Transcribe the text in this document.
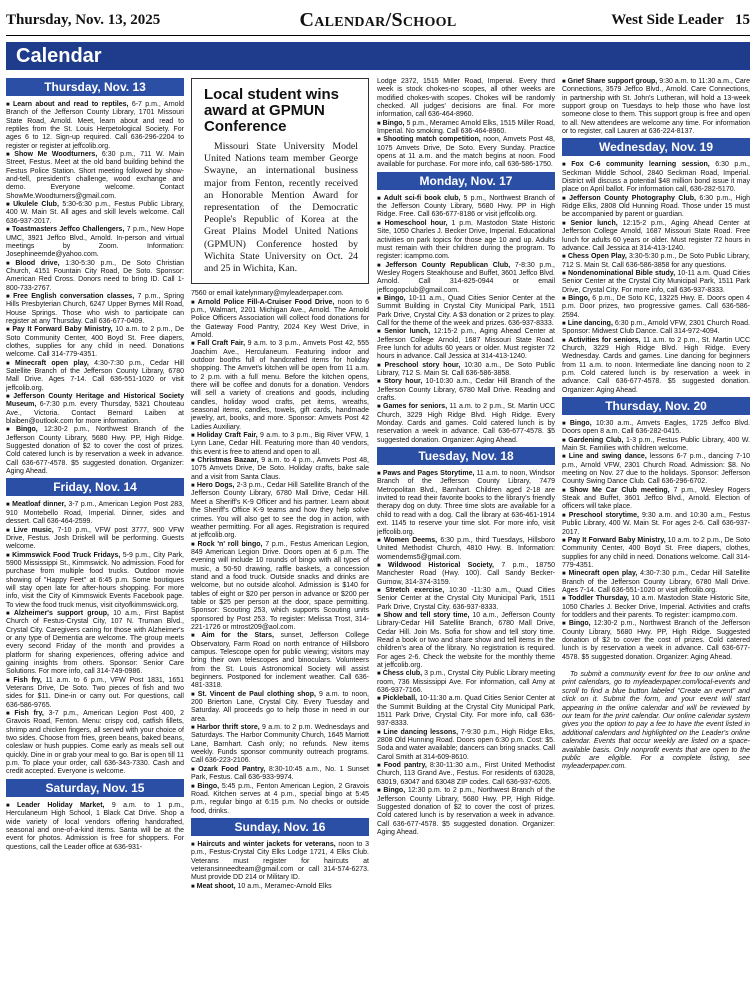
Thursday, Nov. 13, 2025	Calendar/School	West Side Leader 15
Calendar
Thursday, Nov. 13
■ Learn about and read to reptiles, 6-7 p.m., Arnold Branch of the Jefferson County Library, 1701 Missouri State Road, Arnold. Meet, learn about and read to reptiles from the St. Louis Herpetological Society. For ages 6 to 12. Sign-up required. Call 636-296-2204 to register or register at jeffcolib.org.
■ Show Me Woodturners, 6:30 p.m., 711 W. Main Street, Festus. Meet at the old band building behind the Festus Police Station. Short meeting followed by show-and-tell, president's challenge, wood exchange and demo. Everyone welcome. Contact ShowMe.Woodturners@gmail.com.
■ Ukulele Club, 5:30-6:30 p.m., Festus Public Library, 400 W. Main St. All ages and skill levels welcome. Call 636-937-2017.
■ Toastmasters Jeffco Challengers, 7 p.m., New Hope UMC, 3921 Jeffco Blvd., Arnold. In-person and virtual meetings by Zoom. Information: Josephineemde@yahoo.com.
■ Blood drive, 1:30-5:30 p.m., De Soto Christian Church, 4151 Fountain City Road, De Soto. Sponsor: American Red Cross. Donors need to bring ID. Call 1-800-733-2767.
■ Free English conversation classes, 7 p.m., Spring Hills Presbyterian Church, 6247 Upper Byrnes Mill Road, House Springs. Those who wish to participate can register at any Thursday. Call 636-677-0409.
■ Pay It Forward Baby Ministry, 10 a.m. to 2 p.m., De Soto Community Center, 400 Boyd St. Free diapers, clothes, supplies for any child in need. Donations welcome. Call 314-779-4351.
■ Minecraft open play, 4:30-7:30 p.m., Cedar Hill Satellite Branch of the Jefferson County Library, 6780 Mall Drive. Ages 7-14. Call 636-551-1020 or visit jeffcolib.org.
■ Jefferson County Heritage and Historical Society Museum, 6-7:30 p.m. every Thursday, 5321 Chouteau Ave., Victoria. Contact Bernard Laiben at blaiben@outlook.com for more information.
■ Bingo, 12:30-2 p.m., Northwest Branch of the Jefferson County Library, 5680 Hwy. PP, High Ridge. Suggested donation of $2 to cover the cost of prizes. Cold catered lunch is by reservation a week in advance. Call 636-677-4578. $5 suggested donation. Organizer: Aging Ahead.
Friday, Nov. 14
■ Meatloaf dinner, 3-7 p.m., American Legion Post 283, 910 Montebello Road, Imperial. Dinner, sides and dessert. Call 636-464-2599.
■ Live music, 7-10 p.m., VFW post 3777, 900 VFW Drive, Festus. Josh Driskell will be performing. Guests welcome.
■ Kimmswick Food Truck Fridays, 5-9 p.m., City Park, 5900 Mississippi St., Kimmswick. No admission. Food for purchase from multiple food trucks. Outdoor movie showing of "Happy Feet" at 6:45 p.m. Some boutiques will stay open late for after-hours shopping. For more info, visit the City of Kimmswick Events Facebook page. To view the food truck menus, visit cityofkimmswick.org.
■ Alzheimer's support group, 10 a.m., First Baptist Church of Festus-Crystal City, 107 N. Truman Blvd., Crystal City. Caregivers caring for those with Alzheimer's or any type of Dementia are welcome. The group meets every second Friday of the month and provides a platform for sharing experiences, offering advice and gaining insights from others. Sponsor: Senior Care Solutions. For more info, call 314-749-0986.
■ Fish fry, 11 a.m. to 6 p.m., VFW Post 1831, 1651 Veterans Drive, De Soto. Two pieces of fish and two sides for $11. Dine-in or carry out. For questions, call 636-586-9765.
■ Fish fry, 3-7 p.m., American Legion Post 400, 2 Gravois Road, Fenton. Menu: crispy cod, catfish fillets, shrimp and chicken fingers, all served with your choice of two sides. Choose from fries, green beans, baked beans, coleslaw or hush puppies. Come early as meals sell out quickly. Dine in or grab your meal to go. Bar is open till 11 p.m. To place your order, call 636-343-7330. Cash and credit accepted. Everyone is welcome.
Saturday, Nov. 15
■ Leader Holiday Market, 9 a.m. to 1 p.m., Herculaneum High School, 1 Black Cat Drive. Shop a wide variety of local vendors offering handcrafted, seasonal and one-of-a-kind items. Santa will be at the event for photos. Admission is free for shoppers. For questions, call the Leader office at 636-931-
Local student wins award at GPMUN Conference
Missouri State University Model United Nations team member George Swayne, an international business major from Fenton, recently received an Honorable Mention Award for representation of the Democratic People's Republic of Korea at the Great Plains Model United Nations (GPMUN) Conference hosted by Wichita State University on Oct. 24 and 25 in Wichita, Kan.
7560 or email katelynmary@myleaderpaper.com.
■ Arnold Police Fill-A-Cruiser Food Drive, noon to 6 p.m., Walmart, 2201 Michigan Ave., Arnold. The Arnold Police Officers Association will collect food donations for the Gateway Food Pantry, 2024 Key West Drive, in Arnold.
■ Fall Craft Fair, 9 a.m. to 3 p.m., Amvets Post 42, 555 Joachim Ave., Herculaneum. Featuring indoor and outdoor booths full of handcrafted items for holiday shopping. The Amvet's kitchen will be open from 11 a.m. to 2 p.m. with a full menu. Before the kitchen opens, there will be coffee and donuts for a donation. Vendors will sell a variety of creations and goods, including candles, holiday wood crafts, pet items, wreaths, seasonal items, candles, towels, gift cards, handmade jewelry, art, books, and more. Sponsor: Amvets Post 42 Ladies Auxiliary.
■ Holiday Craft Fair, 9 a.m. to 3 p.m., Big River VFW, 1 Lynn Lane, Cedar Hill. Featuring more than 40 vendors, this event is free to attend and open to all.
■ Christmas Bazaar, 9 a.m. to 4 p.m., Amvets Post 48, 1075 Amvets Drive, De Soto. Holiday crafts, bake sale and a visit from Santa Claus.
■ Hero Dogs, 2-3 p.m., Cedar Hill Satellite Branch of the Jefferson County Library, 6780 Mall Drive, Cedar Hill. Meet a Sheriff's K-9 Officer and his partner. Learn about the Sheriff's Office K-9 teams and how they help solve crimes. You will also get to see the dog in action, with weather permitting. For all ages. Registration is required at jeffcolib.org.
■ Rock 'n' roll bingo, 7 p.m., Festus American Legion, 849 American Legion Drive. Doors open at 6 p.m. The evening will include 10 rounds of bingo with all types of music, a 50-50 drawing, raffle baskets, a concession stand and a food truck. Outside snacks and drinks are welcome, but no outside alcohol. Admission is $140 for tables of eight or $20 per person in advance or $200 per table or $25 per person at the door, space permitting. Sponsor: Scouting 253, which supports Scouting units sponsored by Post 253. To register: Melissa Trost, 314-221-1726 or mtrost209@aol.com.
■ Aim for the Stars, sunset, Jefferson College Observatory, Farm Road on north entrance of Hillsboro campus. Telescope open for public viewing; visitors may bring their own telescopes and binoculars. Volunteers from the St. Louis Astronomical Society will assist beginners. Postponed for inclement weather. Call 636-481-3318.
■ St. Vincent de Paul clothing shop, 9 a.m. to noon, 200 Brierton Lane, Crystal City. Every Tuesday and Saturday. All proceeds go to help those in need in our area.
■ Harbor thrift store, 9 a.m. to 2 p.m. Wednesdays and Saturdays. The Harbor Community Church, 1645 Marriott Lane, Barnhart. Cash only; no refunds. New items weekly. Funds sponsor community outreach programs. Call 636-223-2106.
■ Ozark Food Pantry, 8:30-10:45 a.m., No. 1 Sunset Park, Festus. Call 636-933-9974.
■ Bingo, 5:45 p.m., Fenton American Legion, 2 Gravois Road. Kitchen serves at 4 p.m., special bingo at 5:45 p.m., regular bingo at 6:15 p.m. No checks or outside food, drinks.
Sunday, Nov. 16
■ Haircuts and winter jackets for veterans, noon to 3 p.m., Festus-Crystal City Elks Lodge 1721, 4 Elks Club. Veterans must register for haircuts at veteransinneedteam@gmail.com or call 314-574-6273. Must provide DD 214 or Military ID.
■ Meat shoot, 10 a.m., Meramec-Arnold Elks
Lodge 2372, 1515 Miller Road, Imperial. Every third week is stock chokes-no scopes, all other weeks are modified chokes-with scopes. Chokes will be randomly checked. All judges' decisions are final. For more information, call 636-464-8960.
■ Bingo, 5 p.m., Meramec Arnold Elks, 1515 Miller Road, Imperial. No smoking. Call 636-464-8960.
■ Shooting match competition, noon, Amvets Post 48, 1075 Amvets Drive, De Soto. Every Sunday. Practice opens at 11 a.m. and the match begins at noon. Food available for purchase. For more info, call 636-586-1750.
Monday, Nov. 17
■ Adult sci-fi book club, 5 p.m., Northwest Branch of the Jefferson County Library, 5680 Hwy. PP in High Ridge. Free. Call 636-677-8186 or visit jeffcolib.org.
■ Homeschool hour, 1 p.m. Mastodon State Historic Site, 1050 Charles J. Becker Drive, Imperial. Educational activities on park topics for those age 10 and up. Adults must remain with their children during the program. To register: icampmo.com.
■ Jefferson County Republican Club, 7-8:30 p.m., Wesley Rogers Steakhouse and Buffet, 3601 Jeffco Blvd. Arnold. Call 314-825-0944 or email jeffcogopclub@gmail.com.
■ Bingo, 10-11 a.m., Quad Cities Senior Center at the Summit Building in Crystal City Municipal Park, 1511 Park Drive, Crystal City. A $3 donation or 2 prizes to play. Call for the theme of the week and prizes. 636-937-8333.
■ Senior lunch, 12:15-2 p.m., Aging Ahead Center at Jefferson College Arnold, 1687 Missouri State Road. Free lunch for adults 60 years or older. Must register 72 hours in advance. Call Jessica at 314-413-1240.
■ Preschool story hour, 10:30 a.m., De Soto Public Library, 712 S. Main St. Call 636-586-3858.
■ Story hour, 10-10:30 a.m., Cedar Hill Branch of the Jefferson County Library, 6780 Mall Drive. Reading and crafts.
■ Games for seniors, 11 a.m. to 2 p.m., St. Martin UCC Church, 3229 High Ridge Blvd. High Ridge. Every Monday. Cards and games. Cold catered lunch is by reservation a week in advance. Call 636-677-4578. $5 suggested donation. Organizer: Aging Ahead.
Tuesday, Nov. 18
■ Paws and Pages Storytime, 11 a.m. to noon, Windsor Branch of the Jefferson County Library, 7479 Metropolitan Blvd., Barnhart. Children aged 2-18 are invited to read their favorite books to the library's friendly therapy dog on duty. Three time slots are available for a child to read with a dog. Call the library at 636-461-1914 ext. 1145 to reserve your time slot. For more info, visit jeffcolib.org.
■ Women Deems, 6:30 p.m., third Tuesdays, Hillsboro United Methodist Church, 4810 Hwy. B. Information: womendems5@gmail.com.
■ Wildwood Historical Society, 7 p.m., 18750 Manchester Road (Hwy. 100). Call Sandy Becker-Gurnow, 314-374-3159.
■ Stretch exercise, 10:30 -11:30 a.m., Quad Cities Senior Center at the Crystal City Municipal Park, 1511 Park Drive, Crystal City. 636-937-8333.
■ Show and tell story time, 10 a.m., Jefferson County Library-Cedar Hill Satellite Branch, 6780 Mall Drive, Cedar Hill. Join Ms. Sofia for show and tell story time. Read a book or two and share show and tell items in the children's area of the library. No registration is required. For ages 2-6. Check the website for the monthly theme at jeffcolib.org.
■ Chess club, 3 p.m., Crystal City Public Library meeting room, 736 Mississippi Ave. For information, call Amy at 636-937-7166.
■ Pickleball, 10-11:30 a.m. Quad Cities Senior Center at the Summit Building at the Crystal City Municipal Park, 1511 Park Drive, Crystal City. For more info, call 636-937-8333.
■ Line dancing lessons, 7-9:30 p.m., High Ridge Elks, 2808 Old Hunning Road. Doors open 6:30 p.m. Cost: $5. Soda and water available; dancers can bring snacks. Call Carol Smith at 314-609-8610.
■ Food pantry, 8:30-11:30 a.m., First United Methodist Church, 113 Grand Ave., Festus. For residents of 63028, 63019, 63047 and 63048 ZIP codes. Call 636-937-6205.
■ Bingo, 12:30 p.m. to 2 p.m., Northwest Branch of the Jefferson County Library, 5680 Hwy. PP, High Ridge. Suggested donation of $2 to cover the cost of prizes. Cold catered lunch is by reservation a week in advance. Call 636-677-4578. $5 suggested donation. Organizer: Aging Ahead.
■ Grief Share support group, 9:30 a.m. to 11:30 a.m., Care Connections, 3579 Jeffco Blvd., Arnold. Care Connections, in partnership with St. John's Lutheran, will hold a 13-week support group on Tuesdays to help those who have lost someone close to them. This support group is free and open to all. New attendees are welcome any time. For information or to register, call Lauren at 636-224-8137.
Wednesday, Nov. 19
■ Fox C-6 community learning session, 6:30 p.m., Seckman Middle School, 2840 Seckman Road, Imperial. District will discuss a potential $48 million bond issue it may place on April ballot. For information call, 636-282-5170.
■ Jefferson County Photography Club, 6:30 p.m., High Ridge Elks, 2808 Old Hunning Road. Those under 15 must be accompanied by parent or guardian.
■ Senior lunch, 12:15-2 p.m., Aging Ahead Center at Jefferson College Arnold, 1687 Missouri State Road. Free lunch for adults 60 years or older. Must register 72 hours in advance. Call Jessica at 314-413-1240.
■ Chess Open Play, 3:30-5:30 p.m., De Soto Public Library, 712 S. Main St. Call 636-586-3858 for any questions.
■ Nondenominational Bible study, 10-11 a.m. Quad Cities Senior Center at the Crystal City Municipal Park, 1511 Park Drive, Crystal City. For more info, call 636-937-8333.
■ Bingo, 6 p.m., De Soto KC, 13225 Hwy. E. Doors open 4 p.m. Door prizes, two progressive games. Call 636-586-2594.
■ Line dancing, 6:30 p.m., Arnold VFW, 2301 Church Road. Sponsor: Midwest Club Dance. Call 314-972-4094.
■ Activities for seniors, 11 a.m. to 2 p.m., St. Martin UCC Church, 3229 High Ridge Blvd. High Ridge. Every Wednesday. Cards and games. Line dancing for beginners from 11 a.m. to noon. Intermediate line dancing noon to 2 p.m. Cold catered lunch is by reservation a week in advance. Call 636-677-4578. $5 suggested donation. Organizer: Aging Ahead.
Thursday, Nov. 20
■ Bingo, 10:30 a.m., Amvets Eagles, 1725 Jeffco Blvd. Doors open 8 a.m. Call 636-282-0415.
■ Gardening Club, 1-3 p.m., Festus Public Library, 400 W. Main St. Families with children welcome.
■ Line and swing dance, lessons 6-7 p.m., dancing 7-10 p.m., Arnold VFW, 2301 Church Road. Admission: $8. No meeting on Nov. 27 due to the holidays. Sponsor: Jefferson County Swing Dance Club. Call 636-296-6702.
■ Show Me Car Club meeting, 7 p.m., Wesley Rogers Steak and Buffet, 3601 Jeffco Blvd., Arnold. Election of officers will take place.
■ Preschool storytime, 9:30 a.m. and 10:30 a.m., Festus Public Library, 400 W. Main St. For ages 2-6. Call 636-937-2017.
■ Pay It Forward Baby Ministry, 10 a.m. to 2 p.m., De Soto Community Center, 400 Boyd St. Free diapers, clothes, supplies for any child in need. Donations welcome. Call 314-779-4351.
■ Minecraft open play, 4:30-7:30 p.m., Cedar Hill Satellite Branch of the Jefferson County Library, 6780 Mall Drive. Ages 7-14. Call 636-551-1020 or visit jeffcolib.org.
■ Toddler Thursday, 10 a.m. Mastodon State Historic Site, 1050 Charles J. Becker Drive, Imperial. Activities and crafts for toddlers and their parents. To register: icampmo.com.
■ Bingo, 12:30-2 p.m., Northwest Branch of the Jefferson County Library, 5680 Hwy. PP, High Ridge. Suggested donation of $2 to cover the cost of prizes. Cold catered lunch is by reservation a week in advance. Call 636-677-4578. $5 suggested donation. Organizer: Aging Ahead.
To submit a community event for free to our online and print calendars, go to myleaderpaper.com/local-events and scroll to find a blue button labeled "Create an event" and click on it. Submit the form, and your event will start appearing in the online calendar and will be reviewed by our team for the print calendar. Our online calendar system gives you the option to pay a fee to have the event listed in additional calendars and highlighted on the Leader's online calendar. Events that occur weekly are listed on a space-available basis. Only nonprofit events that are open to the public are eligible. For a complete listing, see myleaderpaper.com.
